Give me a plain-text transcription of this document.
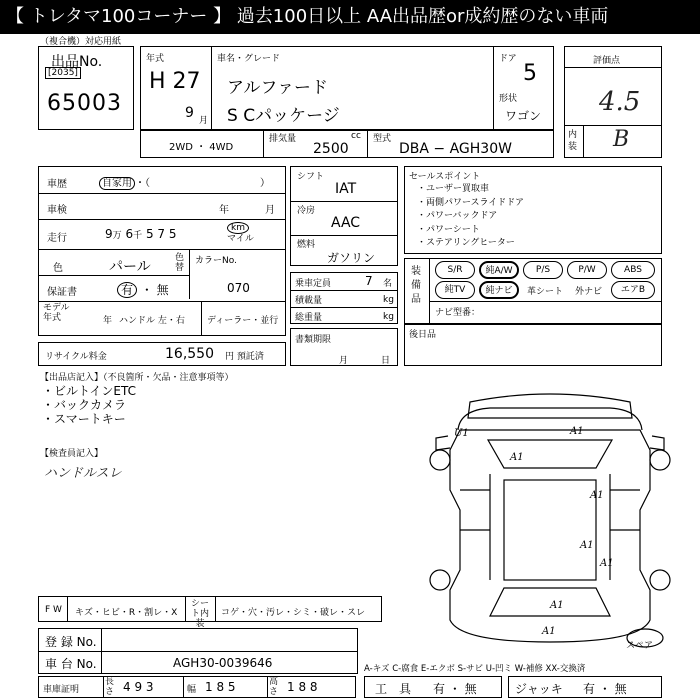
【 トレタマ100コーナー 】 過去100日以上 AA出品歴or成約歴のない車両
（複合機）対応用紙
出品No.
[2035]
65003
年式
H 27
9 月
車名・グレード
アルファード
S Cパッケージ
ドア
5
形状
ワゴン
評価点
4.5
内装 B
2WD ・ 4WD
排気量	cc
2500
型式
DBA − AGH30W
車歴	自家用 ・（　　　　　　　　　　　）
車検	年	月
走行	9万 6千 5 7 5	km
マイル
色	パール
色替
カラーNo.
070
保証書	有 ・ 無
モデル年式	年 ハンドル 左・右 ディーラー・並行
リサイクル料金	16,550 円 預託済
シフト
IAT
冷房
AAC
燃料
ガソリン
乗車定員	7 名
積載量	kg
総重量	kg
書類期限
月	日
セールスポイント
・ユーザー買取車
・両側パワースライドドア
・パワーバックドア
・パワーシート
・ステアリングヒーター
装備品
S/R	純A/W	P/S	P/W	ABS
純TV	純ナビ	革シート 外ナビ	エアB
ナビ型番：
後日品
【出品店記入】（不良箇所・欠品・注意事項等）
・ビルトインETC
・バックカメラ
・スマートキー
【検査員記入】
ハンドルスレ
U1	A1
A1
A1
A1
A1
A1
A1
スペア
F W キズ・ヒビ・R・割レ・X
シート内装
コゲ・穴・汚レ・シミ・破レ・スレ
登 録 No.
車 台 No.	AGH30-0039646	A-キズ C-腐食 E-エクボ S-サビ U-凹ミ W-補修 XX-交換済
車庫証明
長さ 4 9 3	幅 1 8 5	高さ 1 8 8	工　具 有 ・ 無	ジャッキ 有 ・ 無
